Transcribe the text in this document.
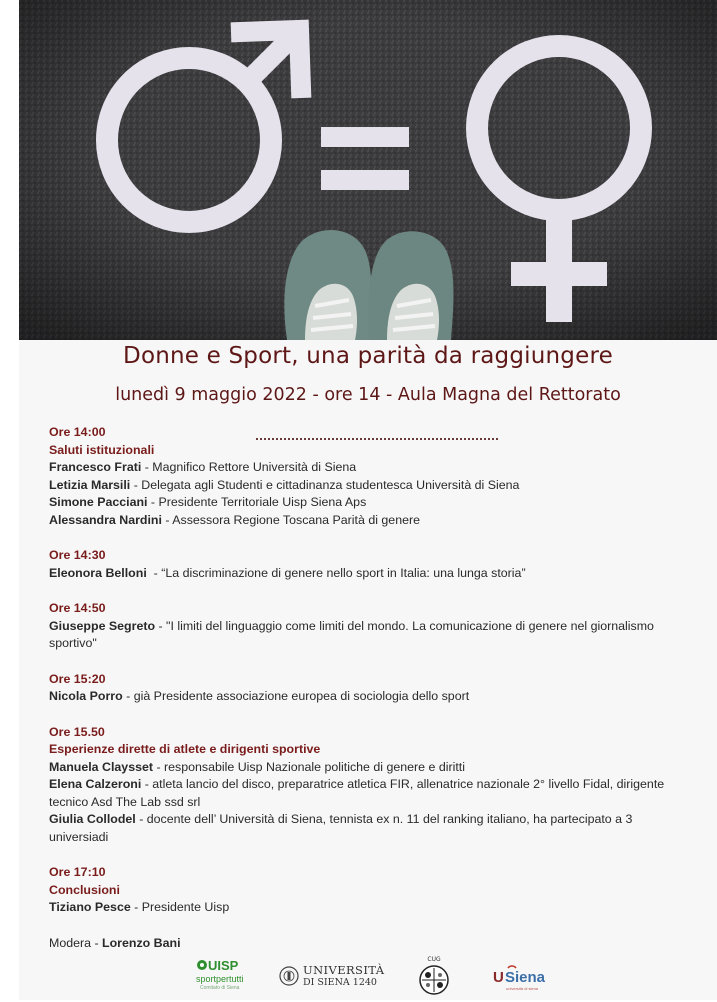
Donne e Sport, una parità da raggiungere
lunedì 9 maggio 2022 - ore 14 - Aula Magna del Rettorato
Ore 14:00
Saluti istituzionali
Francesco Frati - Magnifico Rettore Università di Siena
Letizia Marsili - Delegata agli Studenti e cittadinanza studentesca Università di Siena
Simone Pacciani - Presidente Territoriale Uisp Siena Aps
Alessandra Nardini - Assessora Regione Toscana Parità di genere
Ore 14:30
Eleonora Belloni  - “La discriminazione di genere nello sport in Italia: una lunga storia”
Ore 14:50
Giuseppe Segreto - "I limiti del linguaggio come limiti del mondo. La comunicazione di genere nel giornalismo sportivo"
Ore 15:20
Nicola Porro - già Presidente associazione europea di sociologia dello sport
Ore 15.50
Esperienze dirette di atlete e dirigenti sportive
Manuela Claysset - responsabile Uisp Nazionale politiche di genere e diritti
Elena Calzeroni - atleta lancio del disco, preparatrice atletica FIR, allenatrice nazionale 2° livello Fidal, dirigente tecnico Asd The Lab ssd srl
Giulia Collodel - docente dell’ Università di Siena, tennista ex n. 11 del ranking italiano, ha partecipato a 3 universiadi
Ore 17:10
Conclusioni
Tiziano Pesce - Presidente Uisp
Modera - Lorenzo Bani
UISP
sportpertutti
Comitato di Siena
UNIVERSITÀ
DI SIENA 1240
CUG
U Siena
università di siena
